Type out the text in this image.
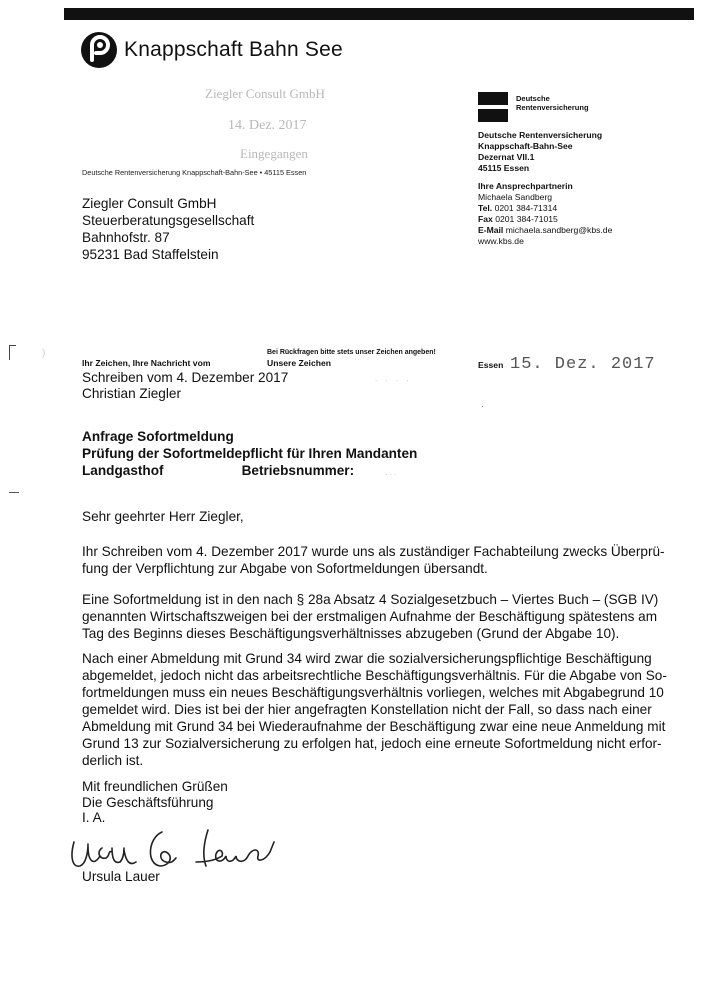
Knappschaft Bahn See
Ziegler Consult GmbH
14. Dez. 2017
Eingegangen
Deutsche Rentenversicherung Knappschaft-Bahn-See • 45115 Essen
Ziegler Consult GmbH
Steuerberatungsgesellschaft
Bahnhofstr. 87
95231 Bad Staffelstein
Deutsche
Rentenversicherung
Deutsche Rentenversicherung
Knappschaft-Bahn-See
Dezernat VII.1
45115 Essen
Ihre Ansprechpartnerin
Michaela Sandberg
Tel. 0201 384-71314
Fax 0201 384-71015
E-Mail michaela.sandberg@kbs.de
www.kbs.de
)	Bei Rückfragen bitte stets unser Zeichen angeben!
Ihr Zeichen, Ihre Nachricht vom	Unsere Zeichen
Schreiben vom 4. Dezember 2017
Christian Ziegler
. . . .
Essen 15. Dez. 2017
·
Anfrage Sofortmeldung
Prüfung der Sofortmeldepflicht für Ihren Mandanten
Landgasthof	Betriebsnummer:              . . .
Sehr geehrter Herr Ziegler,
Ihr Schreiben vom 4. Dezember 2017 wurde uns als zuständiger Fachabteilung zwecks Überprü-
fung der Verpflichtung zur Abgabe von Sofortmeldungen übersandt.
Eine Sofortmeldung ist in den nach § 28a Absatz 4 Sozialgesetzbuch – Viertes Buch – (SGB IV)
genannten Wirtschaftszweigen bei der erstmaligen Aufnahme der Beschäftigung spätestens am
Tag des Beginns dieses Beschäftigungsverhältnisses abzugeben (Grund der Abgabe 10).
Nach einer Abmeldung mit Grund 34 wird zwar die sozialversicherungspflichtige Beschäftigung
abgemeldet, jedoch nicht das arbeitsrechtliche Beschäftigungsverhältnis. Für die Abgabe von So-
fortmeldungen muss ein neues Beschäftigungsverhältnis vorliegen, welches mit Abgabegrund 10
gemeldet wird. Dies ist bei der hier angefragten Konstellation nicht der Fall, so dass nach einer
Abmeldung mit Grund 34 bei Wiederaufnahme der Beschäftigung zwar eine neue Anmeldung mit
Grund 13 zur Sozialversicherung zu erfolgen hat, jedoch eine erneute Sofortmeldung nicht erfor-
derlich ist.
Mit freundlichen Grüßen
Die Geschäftsführung
I. A.
Ursula Lauer
